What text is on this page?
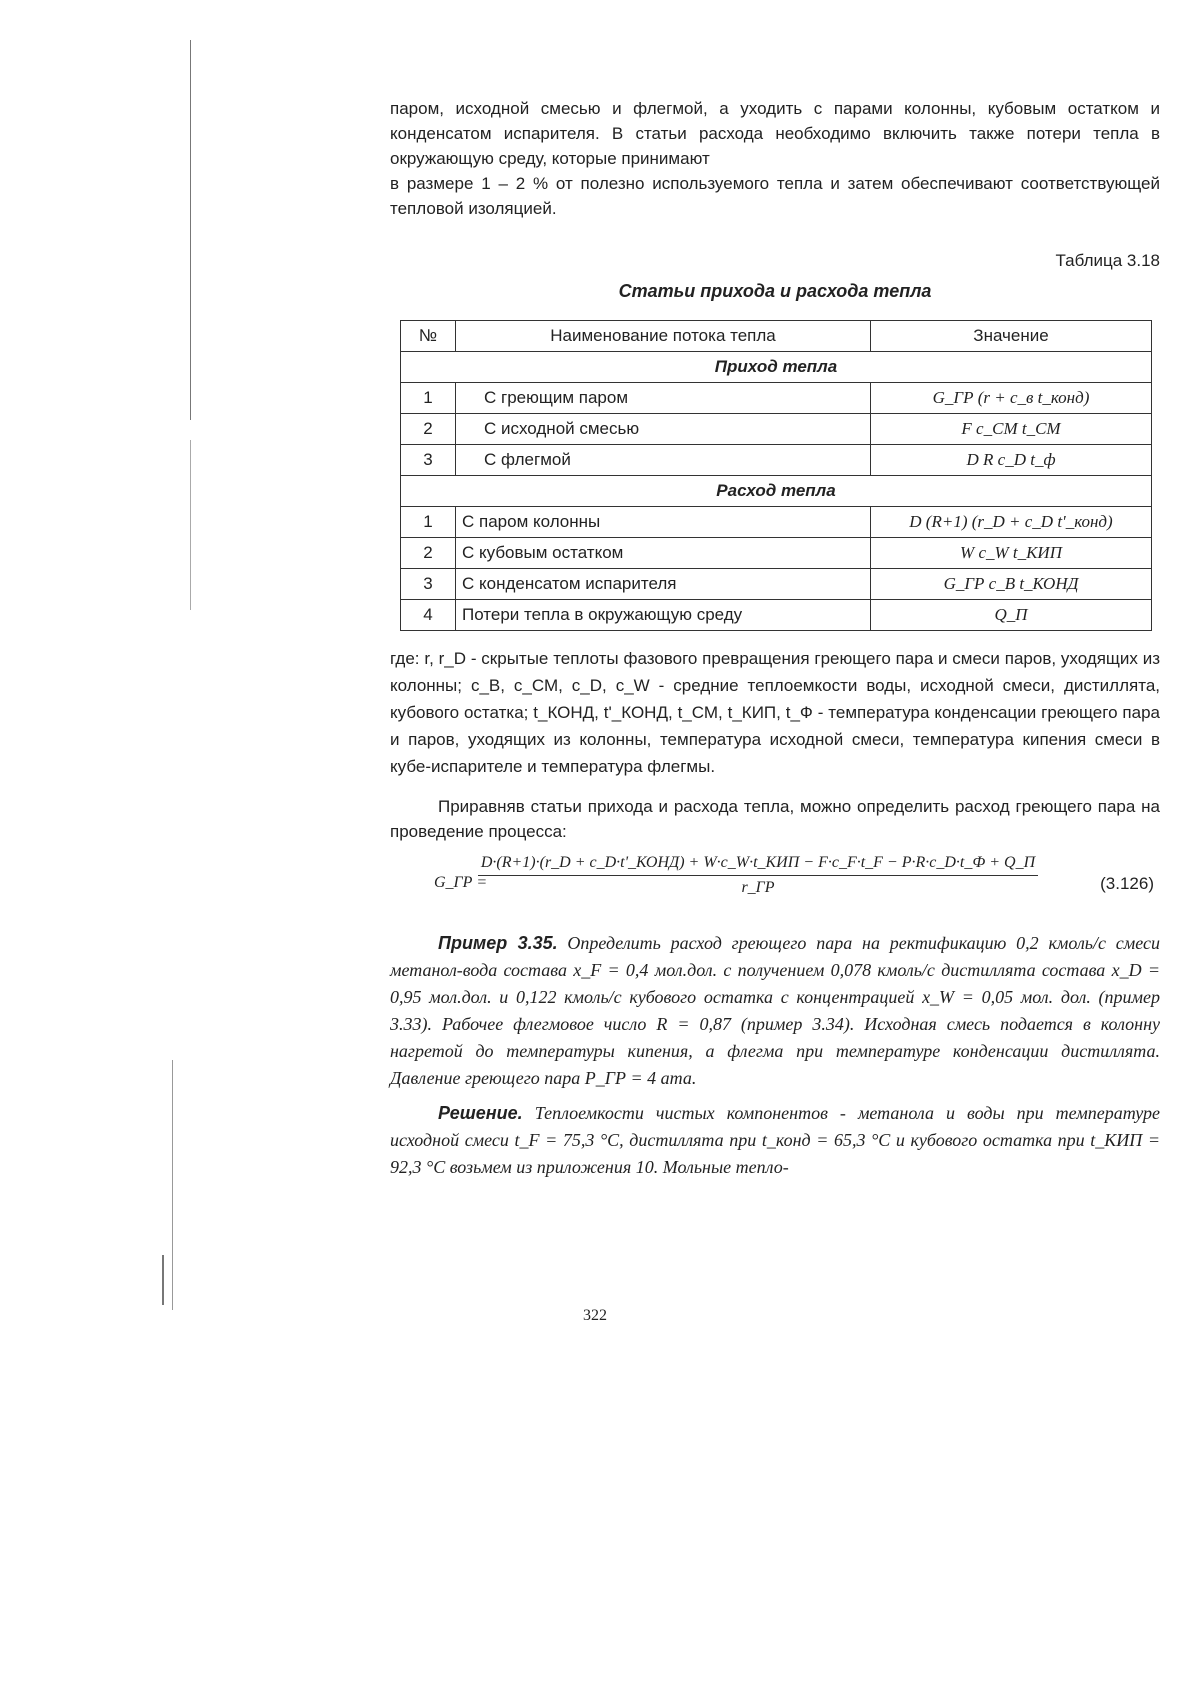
паром, исходной смесью и флегмой, а уходить с парами колонны, кубовым остатком и конденсатом испарителя. В статьи расхода необходимо включить также потери тепла в окружающую среду, которые принимают

в размере 1 – 2 % от полезно используемого тепла и затем обеспечивают соответствующей тепловой изоляцией.

Таблица 3.18
Статьи прихода и расхода тепла
№	Наименование потока тепла	Значение
Приход тепла		
1	С греющим паром	G_ГР (r + c_в t_конд)
2	С исходной смесью	F c_СМ t_СМ
3	С флегмой	D R c_D t_ф
Расход тепла		
1	С паром колонны	D (R+1) (r_D + c_D t'_конд)
2	С кубовым остатком	W c_W t_КИП
3	С конденсатом испарителя	G_ГР c_В t_КОНД
4	Потери тепла в окружающую среду	Q_П

где: r, r_D - скрытые теплоты фазового превращения греющего пара и смеси паров, уходящих из колонны; c_В, c_СМ, c_D, c_W - средние теплоемкости воды, исходной смеси, дистиллята, кубового остатка; t_КОНД, t'_КОНД, t_СМ, t_КИП, t_Ф - температура конденсации греющего пара и паров, уходящих из колонны, температура исходной смеси, температура кипения смеси в кубе-испарителе и температура флегмы.

Приравняв статьи прихода и расхода тепла, можно определить расход греющего пара на проведение процесса:

G_ГР =
D·(R+1)·(r_D + c_D·t'_КОНД) + W·c_W·t_КИП − F·c_F·t_F − P·R·c_D·t_Ф + Q_П
r_ГР	(3.126)

Пример 3.35. Определить расход греющего пара на ректификацию 0,2 кмоль/с смеси метанол-вода состава x_F = 0,4 мол.дол. с получением 0,078 кмоль/с дистиллята состава x_D = 0,95 мол.дол. и 0,122 кмоль/с кубового остатка с концентрацией x_W = 0,05 мол. дол. (пример 3.33). Рабочее флегмовое число R = 0,87 (пример 3.34). Исходная смесь подается в колонну нагретой до температуры кипения, а флегма при температуре конденсации дистиллята. Давление греющего пара P_ГР = 4 ата.

Решение. Теплоемкости чистых компонентов - метанола и воды при температуре исходной смеси t_F = 75,3 °C, дистиллята при t_конд = 65,3 °C и кубового остатка при t_КИП = 92,3 °C возьмем из приложения 10. Мольные тепло-

322
